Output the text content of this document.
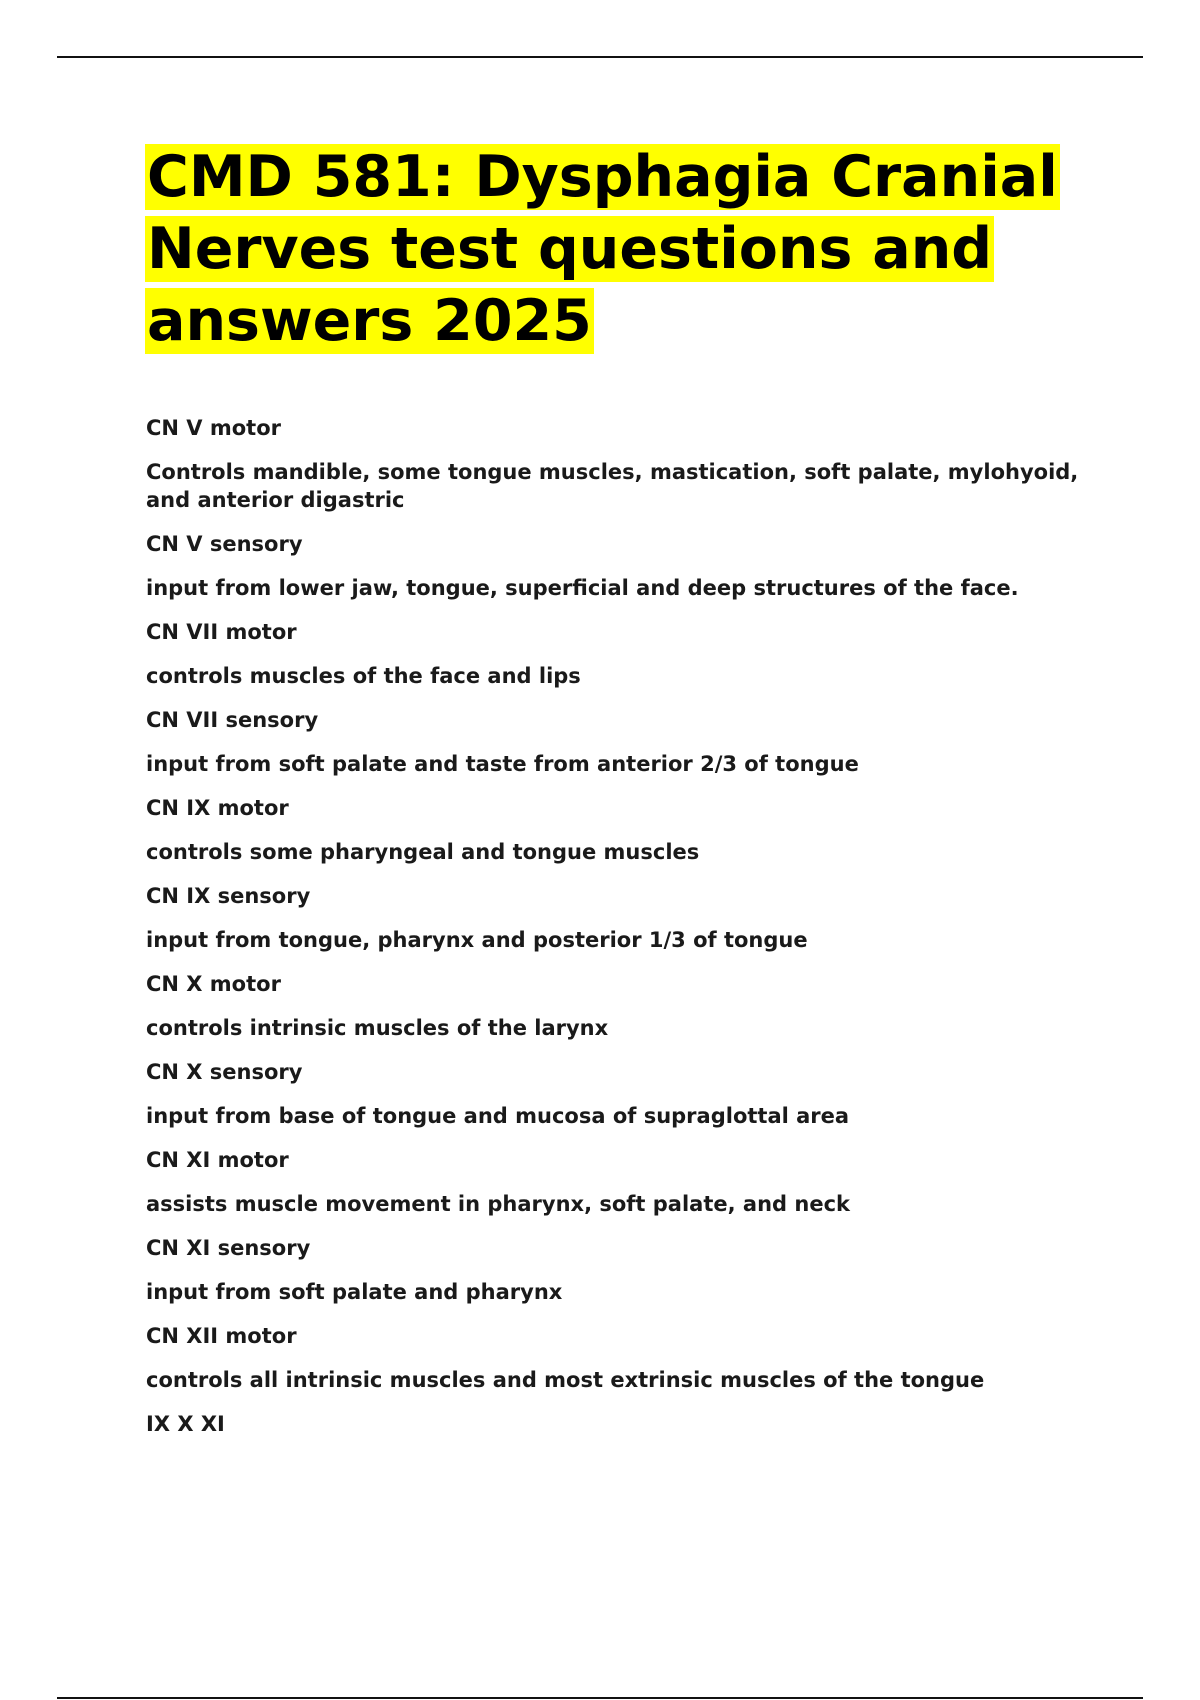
CMD 581: Dysphagia Cranial Nerves test questions and answers 2025

CN V motor

Controls mandible, some tongue muscles, mastication, soft palate, mylohyoid, and anterior digastric

CN V sensory

input from lower jaw, tongue, superficial and deep structures of the face.

CN VII motor

controls muscles of the face and lips

CN VII sensory

input from soft palate and taste from anterior 2/3 of tongue

CN IX motor

controls some pharyngeal and tongue muscles

CN IX sensory

input from tongue, pharynx and posterior 1/3 of tongue

CN X motor

controls intrinsic muscles of the larynx

CN X sensory

input from base of tongue and mucosa of supraglottal area

CN XI motor

assists muscle movement in pharynx, soft palate, and neck

CN XI sensory

input from soft palate and pharynx

CN XII motor

controls all intrinsic muscles and most extrinsic muscles of the tongue

IX X XI
